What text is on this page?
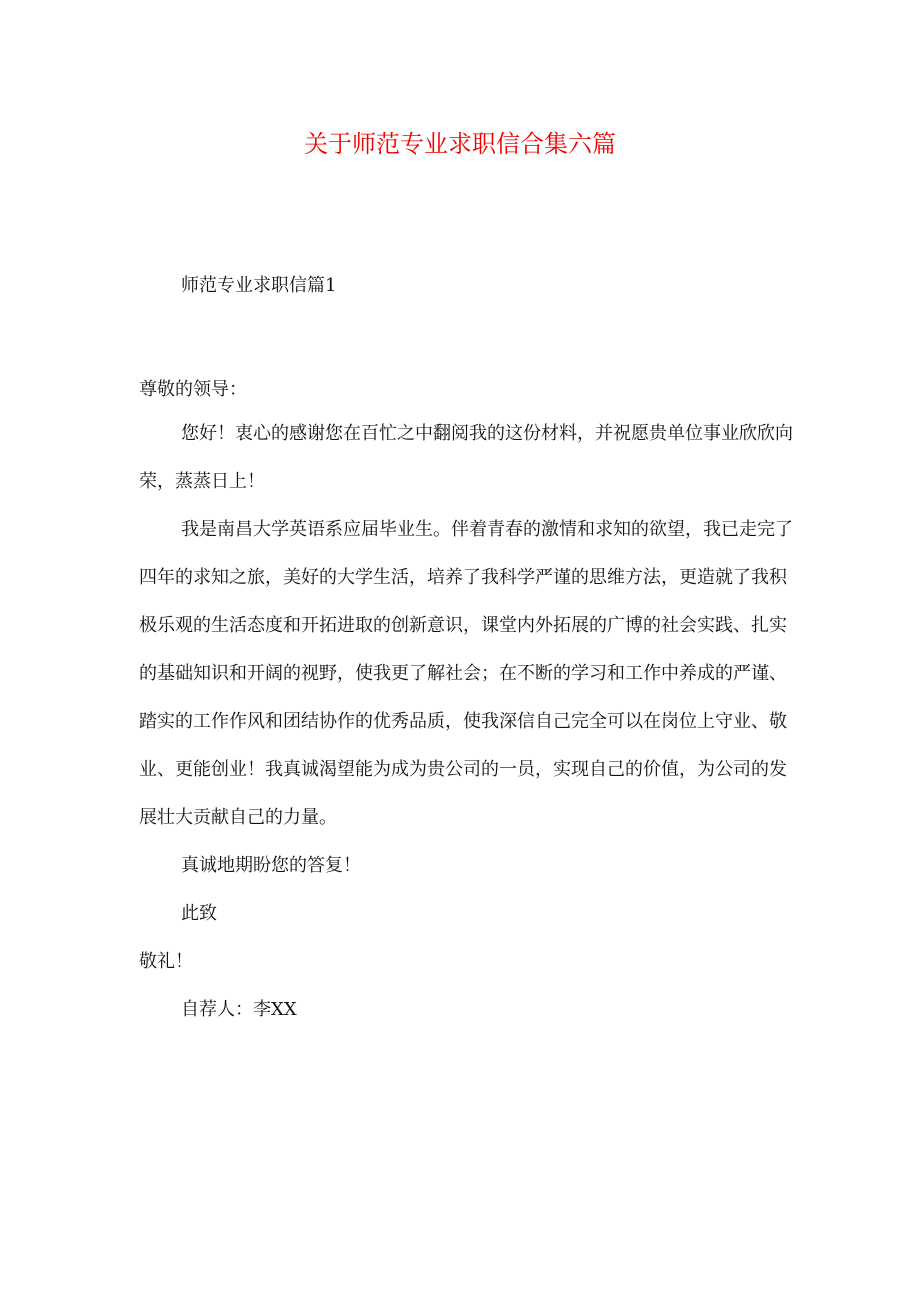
关于师范专业求职信合集六篇
师范专业求职信篇1
尊敬的领导：
您好！衷心的感谢您在百忙之中翻阅我的这份材料，并祝愿贵单位事业欣欣向荣，蒸蒸日上！
我是南昌大学英语系应届毕业生。伴着青春的激情和求知的欲望，我已走完了四年的求知之旅，美好的大学生活，培养了我科学严谨的思维方法，更造就了我积极乐观的生活态度和开拓进取的创新意识，课堂内外拓展的广博的社会实践、扎实的基础知识和开阔的视野，使我更了解社会；在不断的学习和工作中养成的严谨、踏实的工作作风和团结协作的优秀品质，使我深信自己完全可以在岗位上守业、敬业、更能创业！我真诚渴望能为成为贵公司的一员，实现自己的价值，为公司的发展壮大贡献自己的力量。
真诚地期盼您的答复！
此致
敬礼！
自荐人：李XX
